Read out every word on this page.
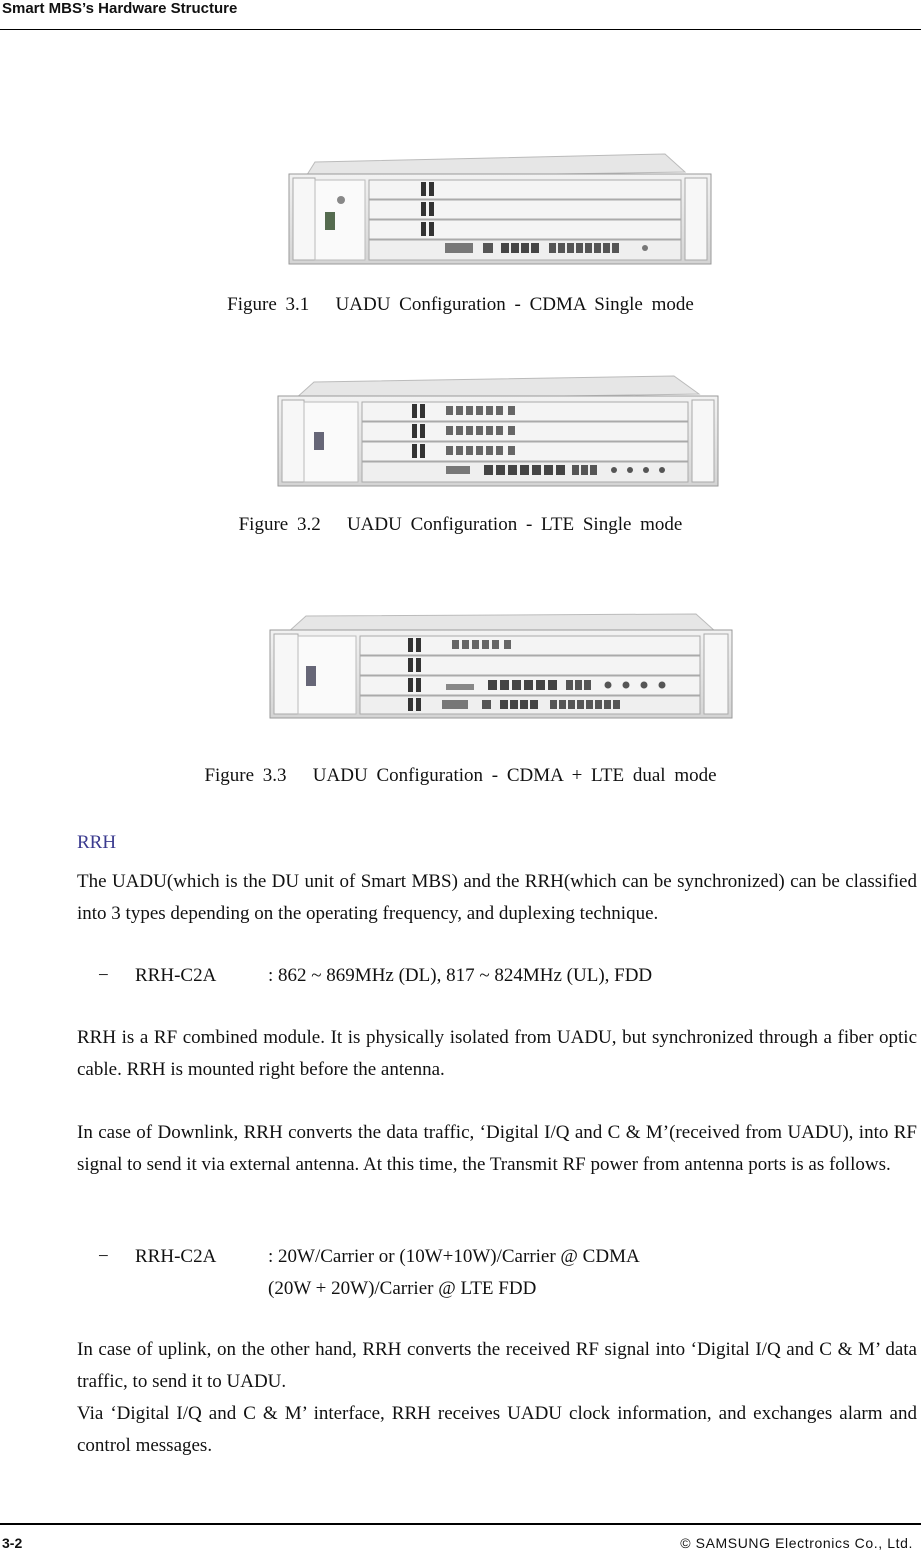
Smart MBS’s Hardware Structure
Figure 3.1   UADU Configuration - CDMA Single mode
Figure 3.2   UADU Configuration - LTE Single mode
Figure 3.3   UADU Configuration - CDMA + LTE dual mode
RRH
The UADU(which is the DU unit of Smart MBS) and the RRH(which can be synchronized) can be classified into 3 types depending on the operating frequency, and duplexing technique.
− RRH-C2A	: 862 ~ 869MHz (DL), 817 ~ 824MHz (UL), FDD
RRH is a RF combined module. It is physically isolated from UADU, but synchronized through a fiber optic cable. RRH is mounted right before the antenna.
In case of Downlink, RRH converts the data traffic, ‘Digital I/Q and C & M’(received from UADU), into RF signal to send it via external antenna. At this time, the Transmit RF power from antenna ports is as follows.
− RRH-C2A	: 20W/Carrier or (10W+10W)/Carrier @ CDMA
(20W + 20W)/Carrier @ LTE FDD
In case of uplink, on the other hand, RRH converts the received RF signal into ‘Digital I/Q and C & M’ data traffic, to send it to UADU.
Via ‘Digital I/Q and C & M’ interface, RRH receives UADU clock information, and exchanges alarm and control messages.
3-2	© SAMSUNG Electronics Co., Ltd.
